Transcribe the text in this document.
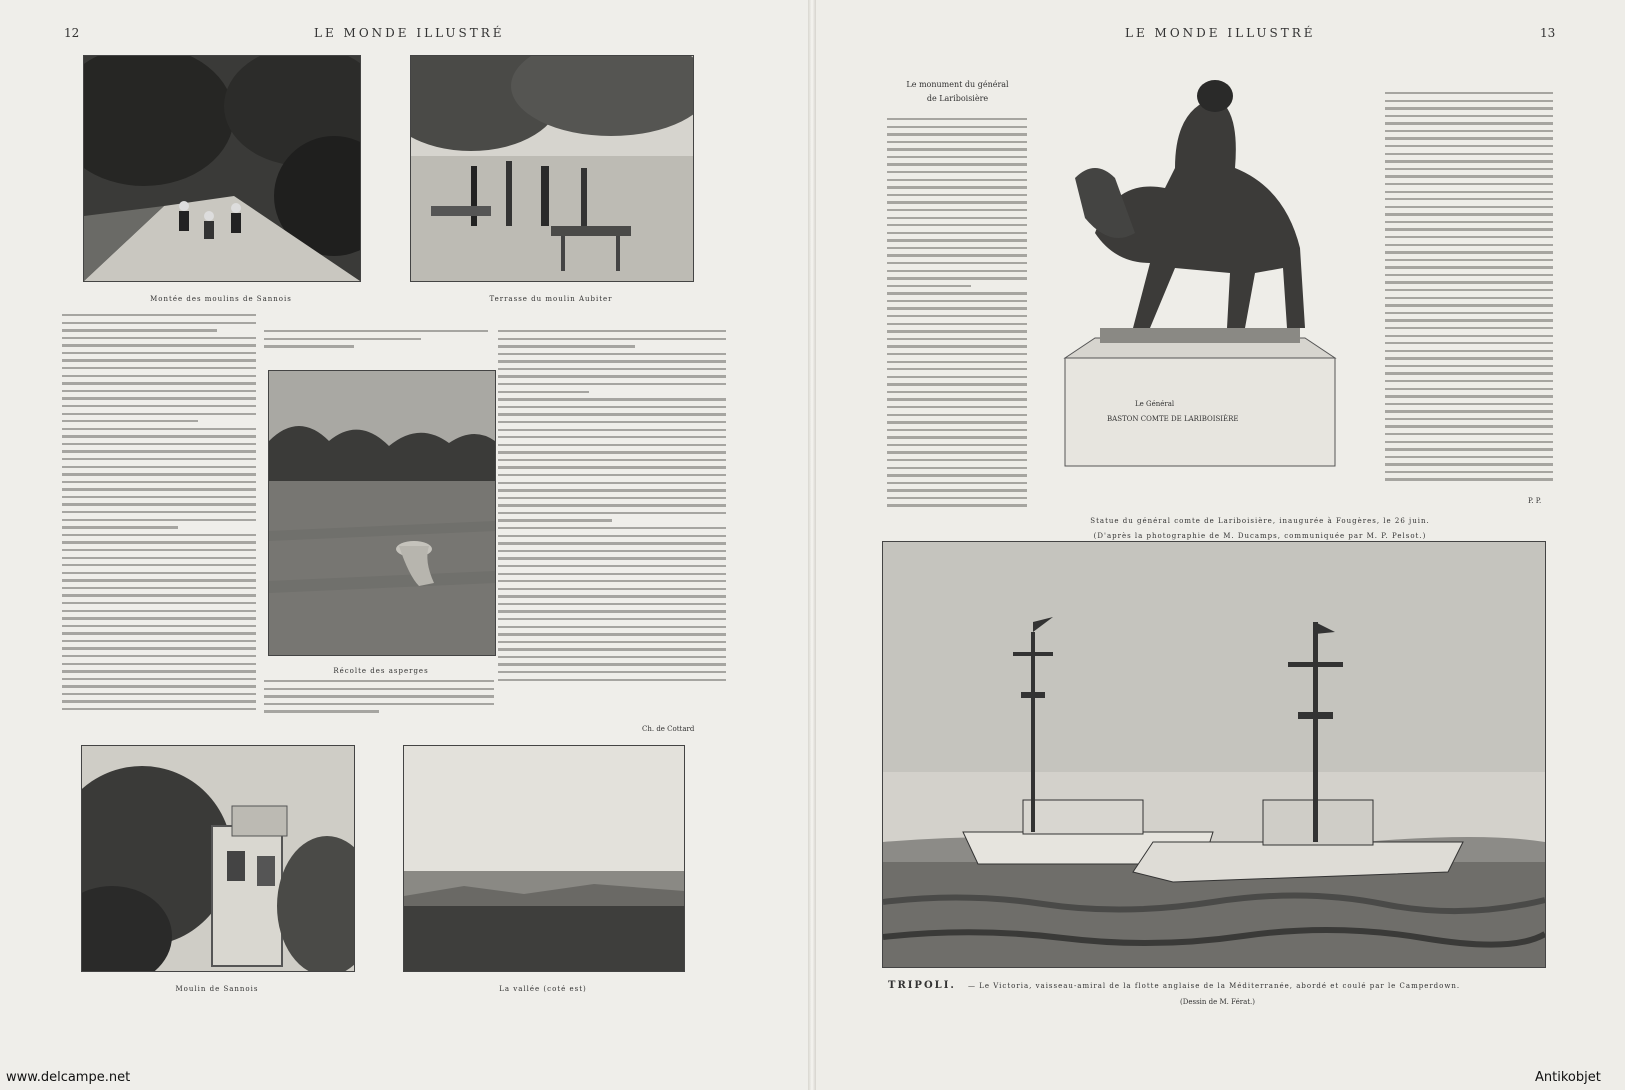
12	LE MONDE ILLUSTRÉ	LE MONDE ILLUSTRÉ	13
Montée des moulins de Sannois	Terrasse du moulin Aubiter
Récolte des asperges
Ch. de Cottard
Moulin de Sannois	La vallée (coté est)
Le monument du général
de Lariboisière
Le Général
BASTON COMTE DE LARIBOISIÈRE
P. P.
Statue du général comte de Lariboisière, inaugurée à Fougères, le 26 juin.
(D'après la photographie de M. Ducamps, communiquée par M. P. Pelsot.)
TRIPOLI. — Le Victoria, vaisseau-amiral de la flotte anglaise de la Méditerranée, abordé et coulé par le Camperdown.
(Dessin de M. Férat.)
www.delcampe.net	Antikobjet
